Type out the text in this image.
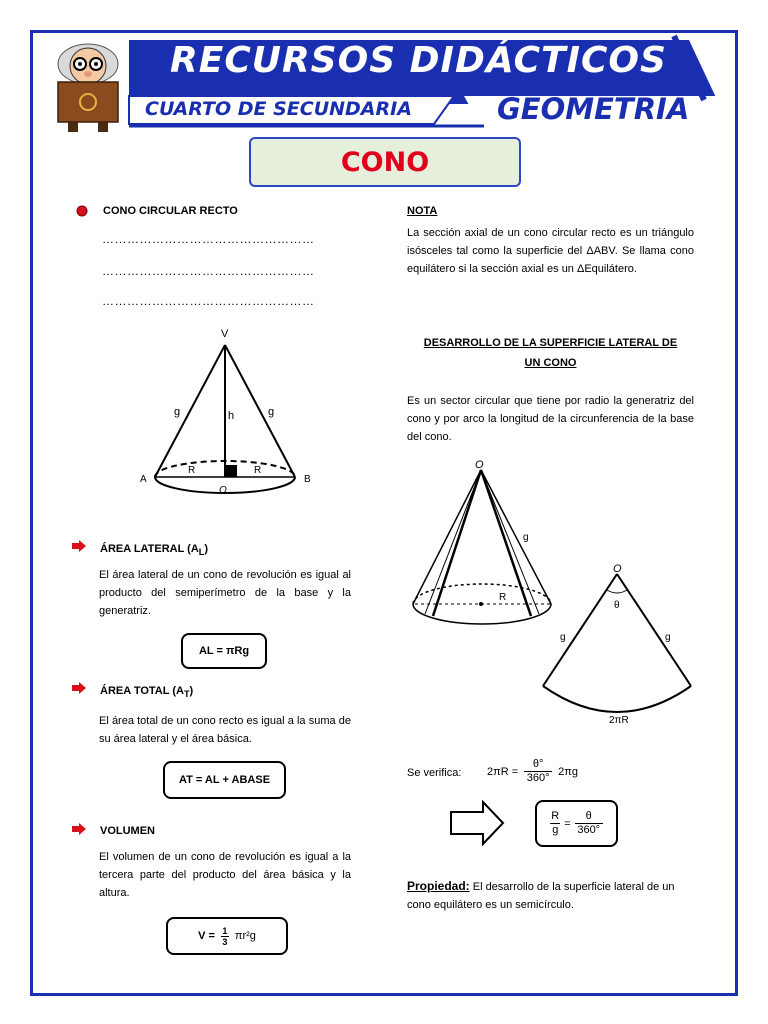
RECURSOS DIDÁCTICOS
CUARTO DE SECUNDARIA	GEOMETRÍA
CONO
CONO CIRCULAR RECTO
……………………………………………
……………………………………………
……………………………………………
V
g	g
h
R	R
A	B
O
ÁREA LATERAL $(A_L)$
El área lateral de un cono de revolución es igual al producto del semiperímetro de la base y la generatriz.
AL = πRg
ÁREA TOTAL $(A_T)$
El área total de un cono recto es igual a la suma de su área lateral y el área básica.
AT = AL + ABASE
VOLUMEN
El volumen de un cono de revolución es igual a la tercera parte del producto del área básica y la altura.
V = 1
3 πr²g
NOTA
La sección axial de un cono circular recto es un triángulo isósceles tal como la superficie del ΔABV. Se llama cono equilátero si la sección axial es un ΔEquilátero.
DESARROLLO DE LA SUPERFICIE LATERAL DE
UN CONO
Es un sector circular que tiene por radio la generatriz del cono y por arco la longitud de la circunferencia de la base del cono.
O
g
R
O
θ
g	g
2πR
Se verifica: 2πR =
θ°
360°
2πg
R
g
=
θ
360°
Propiedad: El desarrollo de la superficie lateral de un cono equilátero es un semicírculo.
